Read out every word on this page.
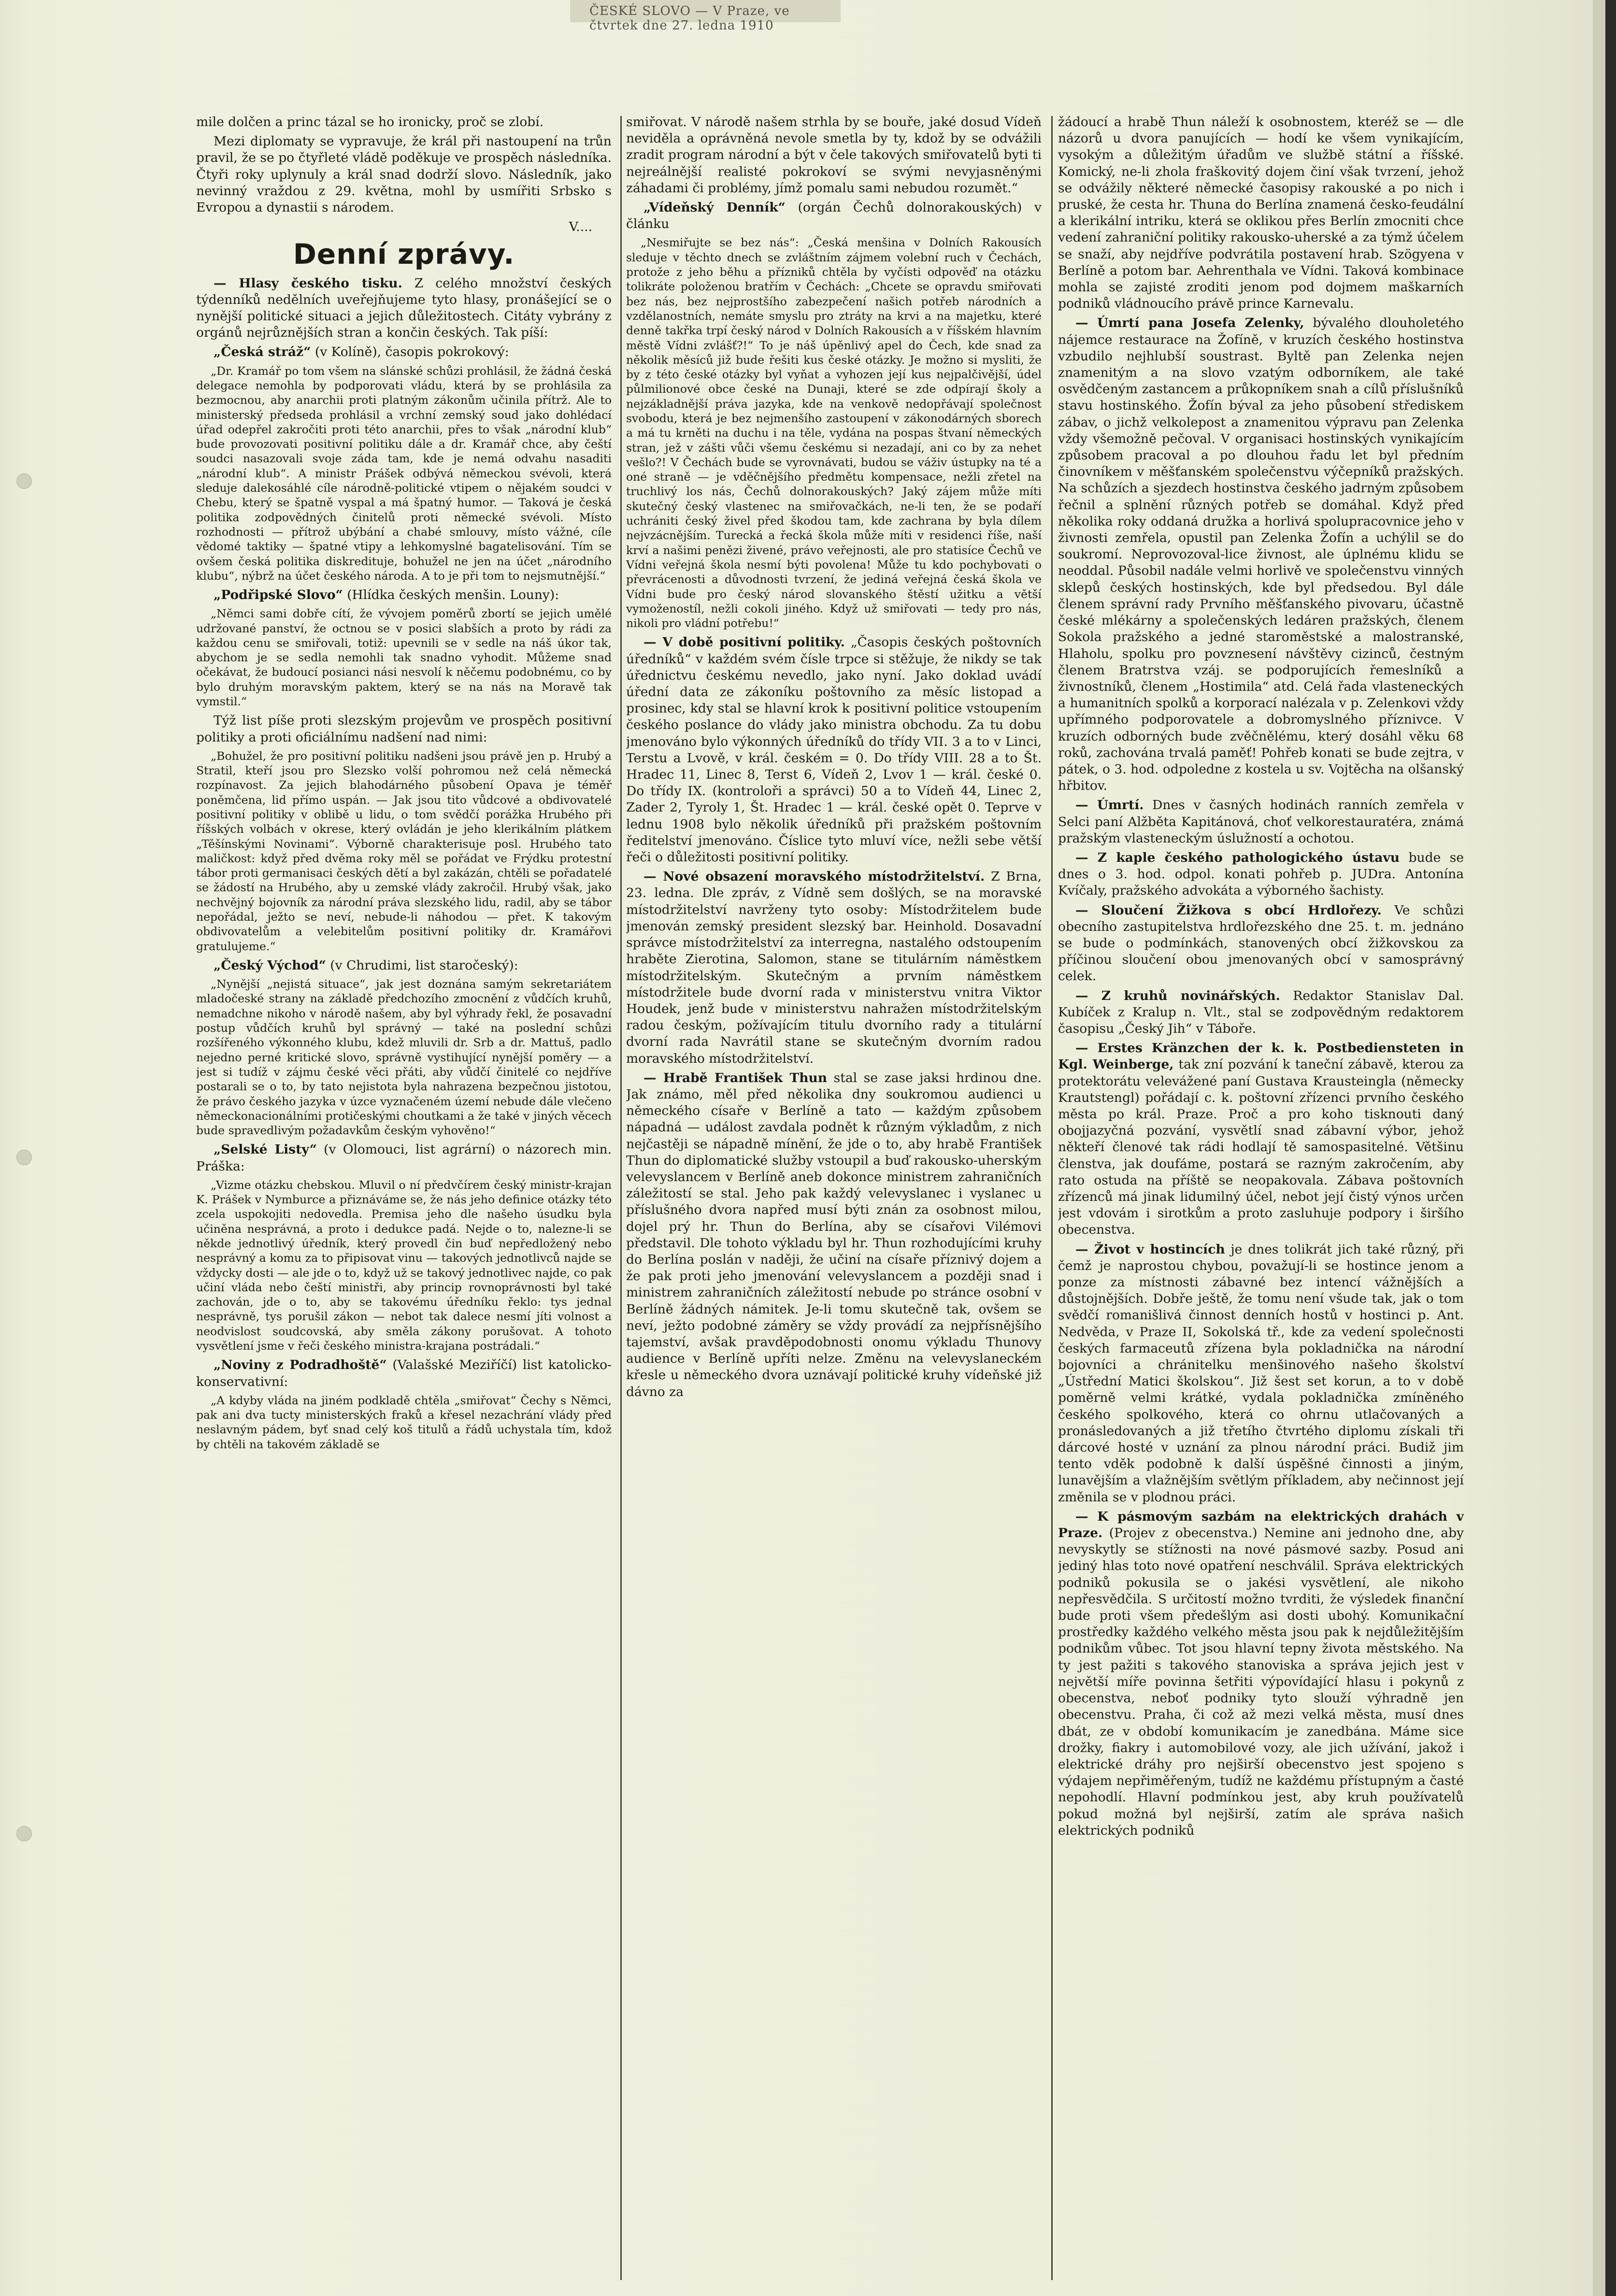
ČESKÉ SLOVO — V Praze, ve čtvrtek dne 27. ledna 1910

mile dolčen a princ tázal se ho ironicky, proč se zlobí.

Mezi diplomaty se vypravuje, že král při nastoupení na trůn pravil, že se po čtyřleté vládě poděkuje ve prospěch následníka. Čtyři roky uplynuly a král snad dodrží slovo. Následník, jako nevinný vraždou z 29. května, mohl by usmířiti Srbsko s Evropou a dynastii s národem.

V....

Denní zprávy.

— Hlasy českého tisku. Z celého množství českých týdenníků nedělních uveřejňujeme tyto hlasy, pronášející se o nynější politické situaci a jejich důležitostech. Citáty vybrány z orgánů nejrůznějších stran a končin českých. Tak píší:

„Česká stráž“ (v Kolíně), časopis pokrokový:

„Dr. Kramář po tom všem na slánské schůzi prohlásil, že žádná česká delegace nemohla by podporovati vládu, která by se prohlásila za bezmocnou, aby anarchii proti platným zákonům učinila přítrž. Ale to ministerský předseda prohlásil a vrchní zemský soud jako dohlédací úřad odepřel zakročiti proti této anarchii, přes to však „národní klub“ bude provozovati positivní politiku dále a dr. Kramář chce, aby čeští soudci nasazovali svoje záda tam, kde je nemá odvahu nasaditi „národní klub“. A ministr Prášek odbývá německou svévoli, která sleduje dalekosáhlé cíle národně-politické vtipem o nějakém soudci v Chebu, který se špatně vyspal a má špatný humor. — Taková je česká politika zodpovědných činitelů proti německé svévoli. Místo rozhodnosti — přítrož ubýbání a chabé smlouvy, místo vážné, cíle vědomé taktiky — špatné vtipy a lehkomyslné bagatelisování. Tím se ovšem česká politika diskredituje, bohužel ne jen na účet „národního klubu“, nýbrž na účet českého národa. A to je při tom to nejsmutnější.“

„Podřipské Slovo“ (Hlídka českých menšin. Louny):

„Němci sami dobře cítí, že vývojem poměrů zbortí se jejich umělé udržované panství, že octnou se v posici slabších a proto by rádi za každou cenu se smiřovali, totiž: upevnili se v sedle na náš úkor tak, abychom je se sedla nemohli tak snadno vyhodit. Můžeme snad očekávat, že budoucí posianci nási nesvolí k něčemu podobnému, co by bylo druhým moravským paktem, který se na nás na Moravě tak vymstil.“

Týž list píše proti slezským projevům ve prospěch positivní politiky a proti oficiálnímu nadšení nad nimi:

„Bohužel, že pro positivní politiku nadšeni jsou právě jen p. Hrubý a Stratil, kteří jsou pro Slezsko volší pohromou než celá německá rozpínavost. Za jejich blahodárného působení Opava je téměř poněmčena, lid přímo uspán. — Jak jsou tito vůdcové a obdivovatelé positivní politiky v oblibě u lidu, o tom svědčí porážka Hrubého při říšských volbách v okrese, který ovládán je jeho klerikálním plátkem „Těšínskými Novinami“. Výborně charakterisuje posl. Hrubého tato maličkost: když před dvěma roky měl se pořádat ve Frýdku protestní tábor proti germanisaci českých dětí a byl zakázán, chtěli se pořadatelé se žádostí na Hrubého, aby u zemské vlády zakročil. Hrubý však, jako nechvějný bojovník za národní práva slezského lidu, radil, aby se tábor nepořádal, ježto se neví, nebude-li náhodou — přet. K takovým obdivovatelům a velebitelům positivní politiky dr. Kramářovi gratulujeme.“

„Český Východ“ (v Chrudimi, list staročeský):

„Nynější „nejistá situace“, jak jest doznána samým sekretariátem mladočeské strany na základě předchozího zmocnění z vůdčích kruhů, nemadchne nikoho v národě našem, aby byl výhrady řekl, že posavadní postup vůdčích kruhů byl správný — také na poslední schůzi rozšířeného výkonného klubu, kdež mluvili dr. Srb a dr. Mattuš, padlo nejedno perné kritické slovo, správně vystihující nynější poměry — a jest si tudíž v zájmu české věci přáti, aby vůdčí činitelé co nejdříve postarali se o to, by tato nejistota byla nahrazena bezpečnou jistotou, že právo českého jazyka v úzce vyznačeném území nebude dále vlečeno německonacionálními protičeskými choutkami a že také v jiných věcech bude spravedlivým požadavkům českým vyhověno!“

„Selské Listy“ (v Olomouci, list agrární) o názorech min. Práška:

„Vizme otázku chebskou. Mluvil o ní předvčírem český ministr-krajan K. Prášek v Nymburce a přiznáváme se, že nás jeho definice otázky této zcela uspokojiti nedovedla. Premisa jeho dle našeho úsudku byla učiněna nesprávná, a proto i dedukce padá. Nejde o to, nalezne-li se někde jednotlivý úředník, který provedl čin buď nepředložený nebo nesprávný a komu za to připisovat vinu — takových jednotlivců najde se vždycky dosti — ale jde o to, když už se takový jednotlivec najde, co pak učiní vláda nebo čeští ministři, aby princip rovnoprávnosti byl také zachován, jde o to, aby se takovému úředníku řeklo: tys jednal nesprávně, tys porušil zákon — nebot tak dalece nesmí jíti volnost a neodvislost soudcovská, aby směla zákony porušovat. A tohoto vysvětlení jsme v řeči českého ministra-krajana postrádali.“

„Noviny z Podradhoště“ (Valašské Meziříčí) list katolicko-konservativní:

„A kdyby vláda na jiném podkladě chtěla „smiřovat“ Čechy s Němci, pak ani dva tucty ministerských fraků a křesel nezachrání vlády před neslavným pádem, byť snad celý koš titulů a řádů uchystala tím, kdož by chtěli na takovém základě se

smiřovat. V národě našem strhla by se bouře, jaké dosud Vídeň neviděla a oprávněná nevole smetla by ty, kdož by se odvážili zradit program národní a být v čele takových smiřovatelů byti ti nejreálnější realisté pokrokoví se svými nevyjasněnými záhadami či problémy, jímž pomalu sami nebudou rozumět.“

„Vídeňský Denník“ (orgán Čechů dolnorakouských) v článku

„Nesmiřujte se bez nás“: „Česká menšina v Dolních Rakousích sleduje v těchto dnech se zvláštním zájmem volební ruch v Čechách, protože z jeho běhu a přízniků chtěla by vyčísti odpověď na otázku tolikráte položenou bratřím v Čechách: „Chcete se opravdu smiřovati bez nás, bez nejprostšího zabezpečení našich potřeb národních a vzdělanostních, nemáte smyslu pro ztráty na krvi a na majetku, které denně takřka trpí český národ v Dolních Rakousích a v říšském hlavním městě Vídni zvlášť?!“ To je náš úpěnlivý apel do Čech, kde snad za několik měsíců již bude řešiti kus české otázky. Je možno si mysliti, že by z této české otázky byl vyňat a vyhozen její kus nejpalčivější, údel půlmilionové obce české na Dunaji, které se zde odpírají školy a nejzákladnější práva jazyka, kde na venkově nedopřávají společnost svobodu, která je bez nejmenšího zastoupení v zákonodárných sborech a má tu krněti na duchu i na těle, vydána na pospas štvaní německých stran, jež v zášti vůči všemu českému si nezadají, ani co by za nehet vešlo?! V Čechách bude se vyrovnávati, budou se váživ ústupky na té a oné straně — je vděčnějšího předmětu kompensace, nežli zřetel na truchlivý los nás, Čechů dolnorakouských? Jaký zájem může míti skutečný český vlastenec na smiřovačkách, ne-li ten, že se podaří uchrániti český živel před škodou tam, kde zachrana by byla dílem nejvzácnějším. Turecká a řecká škola může míti v residenci říše, naší krví a našimi penězi živené, právo veřejnosti, ale pro statisíce Čechů ve Vídni veřejná škola nesmí býti povolena! Může tu kdo pochybovati o převrácenosti a důvodnosti tvrzení, že jediná veřejná česká škola ve Vídni bude pro český národ slovanského štěstí užitku a větší vymoženostíl, nežli cokoli jiného. Když už smiřovati — tedy pro nás, nikoli pro vládní potřebu!“

— V době positivní politiky. „Časopis českých poštovních úředníků“ v každém svém čísle trpce si stěžuje, že nikdy se tak úřednictvu českému nevedlo, jako nyní. Jako doklad uvádí úřední data ze zákoníku poštovního za měsíc listopad a prosinec, kdy stal se hlavní krok k positivní politice vstoupením českého poslance do vlády jako ministra obchodu. Za tu dobu jmenováno bylo výkonných úředníků do třídy VII. 3 a to v Linci, Terstu a Lvově, v král. českém = 0. Do třídy VIII. 28 a to Št. Hradec 11, Linec 8, Terst 6, Vídeň 2, Lvov 1 — král. české 0. Do třídy IX. (kontroloři a správci) 50 a to Vídeň 44, Linec 2, Zader 2, Tyroly 1, Št. Hradec 1 — král. české opět 0. Teprve v lednu 1908 bylo několik úředníků při pražském poštovním ředitelství jmenováno. Číslice tyto mluví více, nežli sebe větší řeči o důležitosti positivní politiky.

— Nové obsazení moravského místodržitelství. Z Brna, 23. ledna. Dle zpráv, z Vídně sem došlých, se na moravské místodržitelství navrženy tyto osoby: Místodržitelem bude jmenován zemský president slezský bar. Heinhold. Dosavadní správce místodržitelství za interregna, nastalého odstoupením hraběte Zierotina, Salomon, stane se titulárním náměstkem místodržitelským. Skutečným a prvním náměstkem místodržitele bude dvorní rada v ministerstvu vnitra Viktor Houdek, jenž bude v ministerstvu nahražen místodržitelským radou českým, požívajícím titulu dvorního rady a titulární dvorní rada Navrátil stane se skutečným dvorním radou moravského místodržitelství.

— Hrabě František Thun stal se zase jaksi hrdinou dne. Jak známo, měl před několika dny soukromou audienci u německého císaře v Berlíně a tato — každým způsobem nápadná — událost zavdala podnět k různým výkladům, z nich nejčastěji se nápadně mínění, že jde o to, aby hrabě František Thun do diplomatické služby vstoupil a buď rakousko-uherským velevyslancem v Berlíně aneb dokonce ministrem zahraničních záležitostí se stal. Jeho pak každý velevyslanec i vyslanec u příslušného dvora napřed musí býti znán za osobnost milou, dojel prý hr. Thun do Berlína, aby se císařovi Vilémovi představil. Dle tohoto výkladu byl hr. Thun rozhodujícími kruhy do Berlína poslán v naději, že učiní na císaře příznivý dojem a že pak proti jeho jmenování velevyslancem a později snad i ministrem zahraničních záležitostí nebude po stránce osobní v Berlíně žádných námitek. Je-li tomu skutečně tak, ovšem se neví, ježto podobné záměry se vždy provádí za nejpřísnějšího tajemství, avšak pravděpodobnosti onomu výkladu Thunovy audience v Berlíně upříti nelze. Změnu na velevyslaneckém křesle u německého dvora uznávají politické kruhy vídeňské již dávno za

žádoucí a hrabě Thun náleží k osobnostem, kteréž se — dle názorů u dvora panujících — hodí ke všem vynikajícím, vysokým a důležitým úřadům ve službě státní a říšské. Komický, ne-li zhola fraškovitý dojem činí však tvrzení, jehož se odvážily některé německé časopisy rakouské a po nich i pruské, že cesta hr. Thuna do Berlína znamená česko-feudální a klerikální intriku, která se oklikou přes Berlín zmocniti chce vedení zahraniční politiky rakousko-uherské a za týmž účelem se snaží, aby nejdříve podvrátila postavení hrab. Szögyena v Berlíně a potom bar. Aehrenthala ve Vídni. Taková kombinace mohla se zajisté zroditi jenom pod dojmem maškarních podniků vládnoucího právě prince Karnevalu.

— Úmrtí pana Josefa Zelenky, bývalého dlouholetého nájemce restaurace na Žofíně, v kruzích českého hostinstva vzbudilo nejhlubší soustrast. Byltě pan Zelenka nejen znamenitým a na slovo vzatým odborníkem, ale také osvědčeným zastancem a průkopníkem snah a cílů příslušníků stavu hostinského. Žofín býval za jeho působení střediskem zábav, o jichž velkolepost a znamenitou výpravu pan Zelenka vždy všemožně pečoval. V organisaci hostinských vynikajícím způsobem pracoval a po dlouhou řadu let byl předním činovníkem v měšťanském společenstvu výčepníků pražských. Na schůzích a sjezdech hostinstva českého jadrným způsobem řečnil a splnění různých potřeb se domáhal. Když před několika roky oddaná družka a horlivá spolupracovnice jeho v živnosti zemřela, opustil pan Zelenka Žofín a uchýlil se do soukromí. Neprovozoval-lice živnost, ale úplnému klidu se neoddal. Působil nadále velmi horlivě ve společenstvu vinných sklepů českých hostinských, kde byl předsedou. Byl dále členem správní rady Prvního měšťanského pivovaru, účastně české mlékárny a společenských ledáren pražských, členem Sokola pražského a jedné staroměstské a malostranské, Hlaholu, spolku pro povznesení návštěvy cizinců, čestným členem Bratrstva vzáj. se podporujících řemeslníků a živnostníků, členem „Hostimila“ atd. Celá řada vlasteneckých a humanitních spolků a korporací nalézala v p. Zelenkovi vždy upřímného podporovatele a dobromyslného příznivce. V kruzích odborných bude zvěčnělému, který dosáhl věku 68 roků, zachována trvalá paměť! Pohřeb konati se bude zejtra, v pátek, o 3. hod. odpoledne z kostela u sv. Vojtěcha na olšanský hřbitov.

— Úmrtí. Dnes v časných hodinách ranních zemřela v Selci paní Alžběta Kapitánová, choť velkorestauratéra, známá pražským vlasteneckým úslužností a ochotou.

— Z kaple českého pathologického ústavu bude se dnes o 3. hod. odpol. konati pohřeb p. JUDra. Antonína Kvíčaly, pražského advokáta a výborného šachisty.

— Sloučení Žižkova s obcí Hrdlořezy. Ve schůzi obecního zastupitelstva hrdlořezského dne 25. t. m. jednáno se bude o podmínkách, stanovených obcí žižkovskou za příčinou sloučení obou jmenovaných obcí v samosprávný celek.

— Z kruhů novinářských. Redaktor Stanislav Dal. Kubíček z Kralup n. Vlt., stal se zodpovědným redaktorem časopisu „Český Jih“ v Táboře.

— Erstes Kränzchen der k. k. Postbediensteten in Kgl. Weinberge, tak zní pozvání k taneční zábavě, kterou za protektorátu velevážené paní Gustava Krausteingla (německy Krautstengl) pořádají c. k. poštovní zřízenci prvního českého města po král. Praze. Proč a pro koho tisknouti daný obojjazyčná pozvání, vysvětlí snad zábavní výbor, jehož někteří členové tak rádi hodlají tě samospasitelné. Většinu členstva, jak doufáme, postará se razným zakročením, aby rato ostuda na příště se neopakovala. Zábava poštovních zřízenců má jinak lidumilný účel, nebot její čistý výnos určen jest vdovám i sirotkům a proto zasluhuje podpory i širšího obecenstva.

— Život v hostincích je dnes tolikrát jich také různý, při čemž je naprostou chybou, považují-li se hostince jenom a ponze za místnosti zábavné bez intencí vážnějších a důstojnějších. Dobře ještě, že tomu není všude tak, jak o tom svědčí romanišlivá činnost denních hostů v hostinci p. Ant. Nedvěda, v Praze II, Sokolská tř., kde za vedení společnosti českých farmaceutů zřízena byla pokladnička na národní bojovníci a chránitelku menšinového našeho školství „Ústřední Matici školskou“. Již šest set korun, a to v době poměrně velmi krátké, vydala pokladnička zmíněného českého spolkového, která co ohrnu utlačovaných a pronásledovaných a již třetího čtvrtého diplomu získali tři dárcové hosté v uznání za plnou národní práci. Budiž jim tento vděk podobně k další úspěšné činnosti a jiným, lunavějším a vlažnějším světlým příkladem, aby nečinnost její změnila se v plodnou práci.

— K pásmovým sazbám na elektrických drahách v Praze. (Projev z obecenstva.) Nemine ani jednoho dne, aby nevyskytly se stížnosti na nové pásmové sazby. Posud ani jediný hlas toto nové opatření neschválil. Správa elektrických podniků pokusila se o jakési vysvětlení, ale nikoho nepřesvědčila. S určitostí možno tvrditi, že výsledek finanční bude proti všem předešlým asi dosti ubohý. Komunikační prostředky každého velkého města jsou pak k nejdůležitějším podnikům vůbec. Tot jsou hlavní tepny života městského. Na ty jest pažiti s takového stanoviska a správa jejich jest v největší míře povinna šetřiti výpovídající hlasu i pokynů z obecenstva, neboť podniky tyto slouží výhradně jen obecenstvu. Praha, či což až mezi velká města, musí dnes dbát, ze v období komunikacím je zanedbána. Máme sice drožky, fiakry i automobilové vozy, ale jich užívání, jakož i elektrické dráhy pro nejširší obecenstvo jest spojeno s výdajem nepřiměřeným, tudíž ne každému přístupným a časté nepohodlí. Hlavní podmínkou jest, aby kruh používatelů pokud možná byl nejširší, zatím ale správa našich elektrických podniků
